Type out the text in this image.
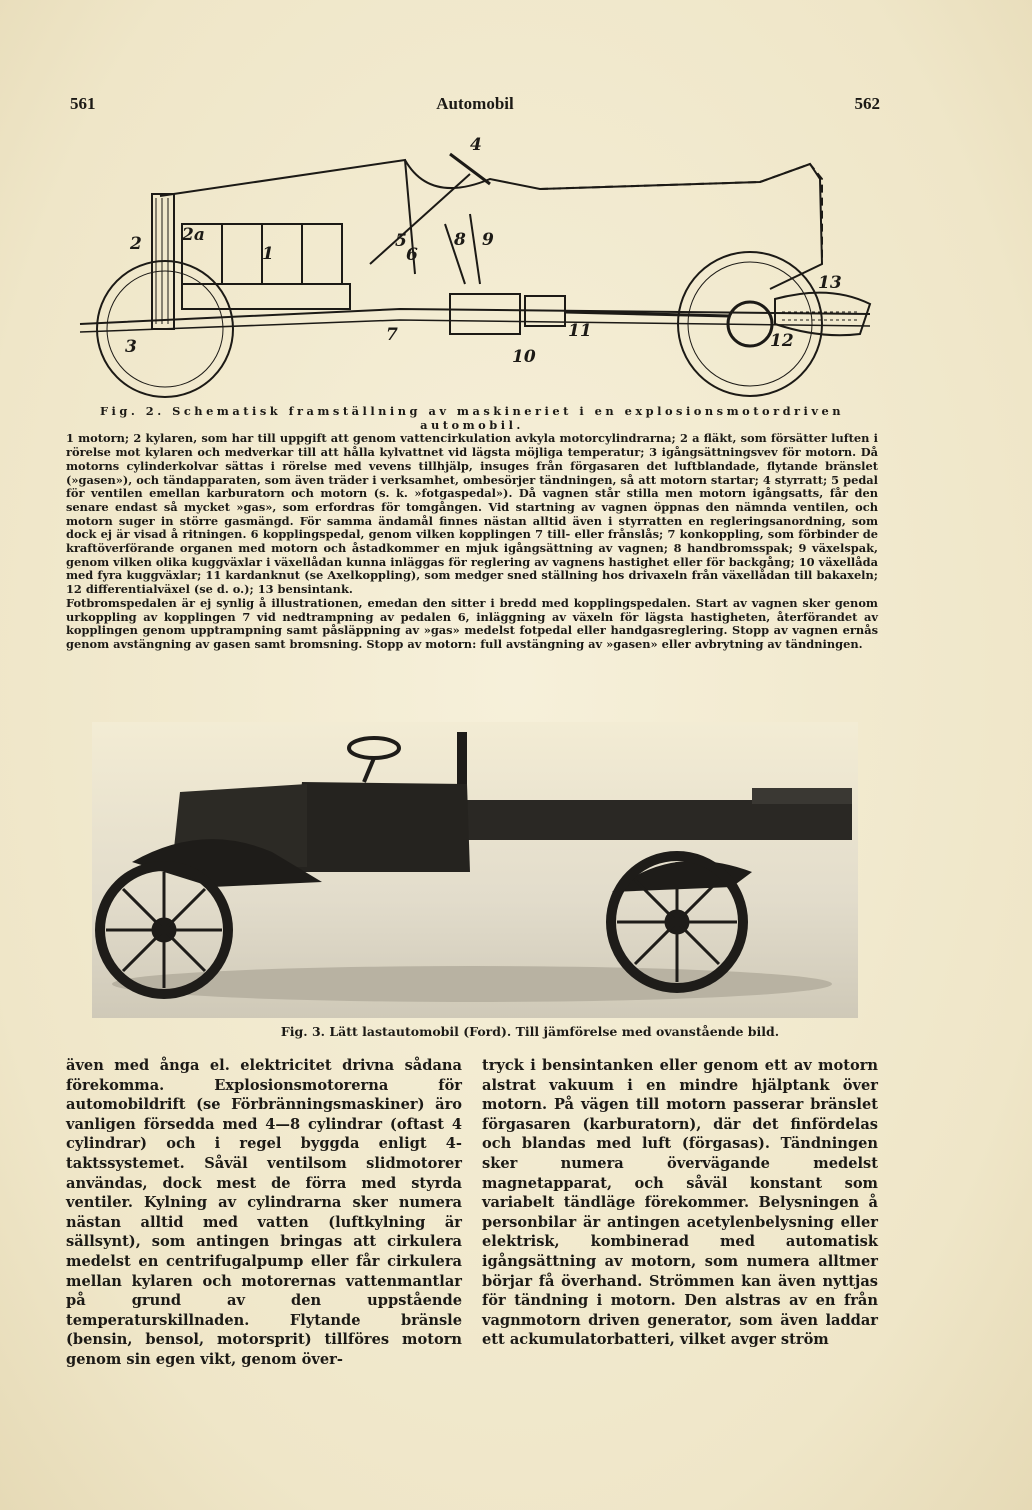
561	Automobil	562
1
2 2a
3
4
5
6
7
8 9
10
11	12
13

Fig. 2. Schematisk framställning av maskineriet i en explosionsmotordriven automobil.

1 motorn; 2 kylaren, som har till uppgift att genom vattencirkulation avkyla motorcylindrarna; 2 a fläkt, som försätter luften i rörelse mot kylaren och medverkar till att hålla kylvattnet vid lägsta möjliga temperatur; 3 igångsättningsvev för motorn. Då motorns cylinderkolvar sättas i rörelse med vevens tillhjälp, insuges från förgasaren det luftblandade, flytande bränslet (»gasen»), och tändapparaten, som även träder i verksamhet, ombesörjer tändningen, så att motorn startar; 4 styrratt; 5 pedal för ventilen emellan karburatorn och motorn (s. k. »fotgaspedal»). Då vagnen står stilla men motorn igångsatts, får den senare endast så mycket »gas», som erfordras för tomgången. Vid startning av vagnen öppnas den nämnda ventilen, och motorn suger in större gasmängd. För samma ändamål finnes nästan alltid även i styrratten en regleringsanordning, som dock ej är visad å ritningen. 6 kopplingspedal, genom vilken kopplingen 7 till- eller frånslås; 7 konkoppling, som förbinder de kraftöverförande organen med motorn och åstadkommer en mjuk igångsättning av vagnen; 8 handbromsspak; 9 växelspak, genom vilken olika kuggväxlar i växellådan kunna inläggas för reglering av vagnens hastighet eller för backgång; 10 växellåda med fyra kuggväxlar; 11 kardanknut (se Axelkoppling), som medger sned ställning hos drivaxeln från växellådan till bakaxeln; 12 differentialväxel (se d. o.); 13 bensintank.

Fotbromspedalen är ej synlig å illustrationen, emedan den sitter i bredd med kopplingspedalen. Start av vagnen sker genom urkoppling av kopplingen 7 vid nedtrampning av pedalen 6, inläggning av växeln för lägsta hastigheten, återförandet av kopplingen genom upptrampning samt påsläppning av »gas» medelst fotpedal eller handgasreglering. Stopp av vagnen ernås genom avstängning av gasen samt bromsning. Stopp av motorn: full avstängning av »gasen» eller avbrytning av tändningen.

Fig. 3. Lätt lastautomobil (Ford). Till jämförelse med ovanstående bild.

även med ånga el. elektricitet drivna sådana förekomma. Explosionsmotorerna för automobildrift (se Förbränningsmaskiner) äro vanligen försedda med 4—8 cylindrar (oftast 4 cylindrar) och i regel byggda enligt 4-taktssystemet. Såväl ventilsom slidmotorer användas, dock mest de förra med styrda ventiler. Kylning av cylindrarna sker numera nästan alltid med vatten (luftkylning är sällsynt), som antingen bringas att cirkulera medelst en centrifugalpump eller får cirkulera mellan kylaren och motorernas vattenmantlar på grund av den uppstående temperaturskillnaden. Flytande bränsle (bensin, bensol, motorsprit) tillföres motorn genom sin egen vikt, genom över-

tryck i bensintanken eller genom ett av motorn alstrat vakuum i en mindre hjälptank över motorn. På vägen till motorn passerar bränslet förgasaren (karburatorn), där det finfördelas och blandas med luft (förgasas). Tändningen sker numera övervägande medelst magnetapparat, och såväl konstant som variabelt tändläge förekommer. Belysningen å personbilar är antingen acetylenbelysning eller elektrisk, kombinerad med automatisk igångsättning av motorn, som numera alltmer börjar få överhand. Strömmen kan även nyttjas för tändning i motorn. Den alstras av en från vagnmotorn driven generator, som även laddar ett ackumulatorbatteri, vilket avger ström
